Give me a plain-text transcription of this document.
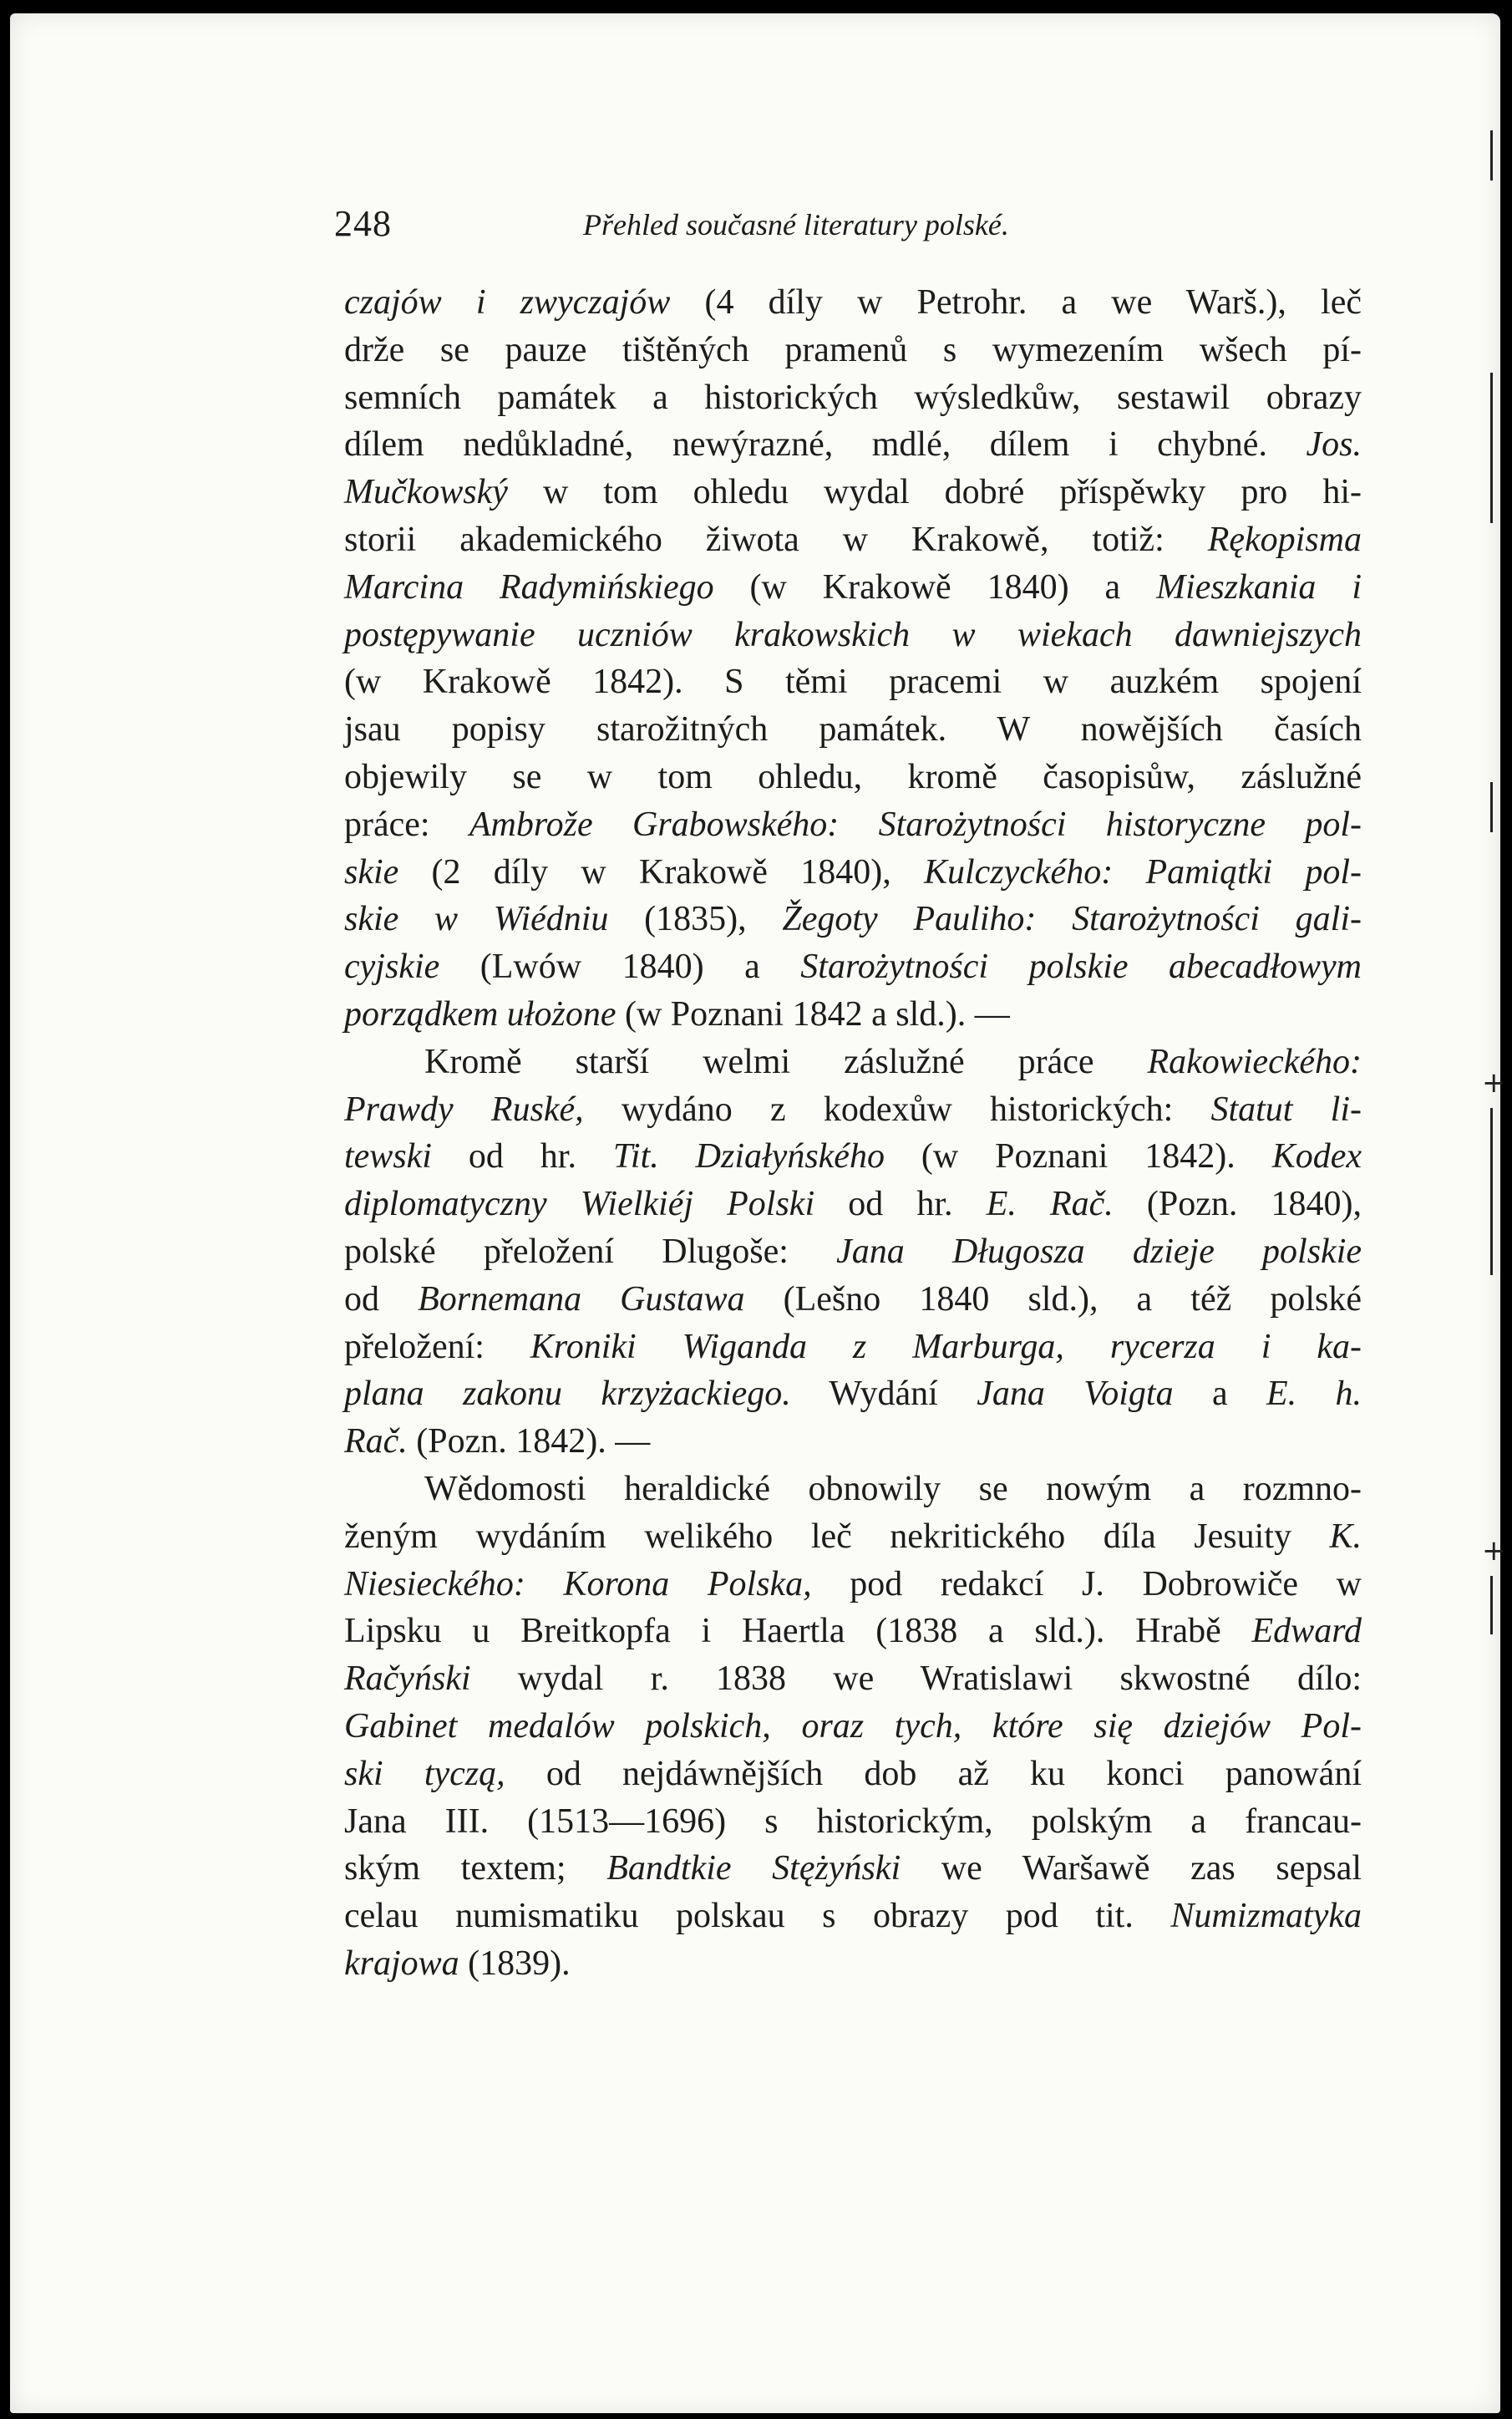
248	Přehled současné literatury polské.
czajów i zwyczajów (4 díly w Petrohr. a we Warš.), leč
drže se pauze tištěných pramenů s wymezením wšech pí-
semních památek a historických wýsledkůw, sestawil obrazy
dílem nedůkladné, newýrazné, mdlé, dílem i chybné. Jos.
Mučkowský w tom ohledu wydal dobré příspěwky pro hi-
storii akademického žiwota w Krakowě, totiž: Rękopisma
Marcina Radymińskiego (w Krakowě 1840) a Mieszkania i
postępywanie uczniów krakowskich w wiekach dawniejszych
(w Krakowě 1842). S těmi pracemi w auzkém spojení
jsau popisy starožitných památek. W nowějších časích
objewily se w tom ohledu, kromě časopisůw, záslužné
práce: Ambrože Grabowského: Starożytności historyczne pol-
skie (2 díly w Krakowě 1840), Kulczyckého: Pamiątki pol-
skie w Wiédniu (1835), Žegoty Pauliho: Starożytności gali-
cyjskie (Lwów 1840) a Starożytności polskie abecadłowym
porządkem ułożone (w Poznani 1842 a sld.). —
Kromě starší welmi záslužné práce Rakowieckého:
Prawdy Ruské, wydáno z kodexůw historických: Statut li-
tewski od hr. Tit. Działyńského (w Poznani 1842). Kodex
diplomatyczny Wielkiéj Polski od hr. E. Rač. (Pozn. 1840),
polské přeložení Dlugoše: Jana Długosza dzieje polskie
od Bornemana Gustawa (Lešno 1840 sld.), a též polské
přeložení: Kroniki Wiganda z Marburga, rycerza i ka-
plana zakonu krzyżackiego. Wydání Jana Voigta a E. h.
Rač. (Pozn. 1842). —
Wědomosti heraldické obnowily se nowým a rozmno-
ženým wydáním welikého leč nekritického díla Jesuity K.
Niesieckého: Korona Polska, pod redakcí J. Dobrowiče w
Lipsku u Breitkopfa i Haertla (1838 a sld.). Hrabě Edward
Račyński wydal r. 1838 we Wratislawi skwostné dílo:
Gabinet medalów polskich, oraz tych, które się dziejów Pol-
ski tyczą, od nejdáwnějších dob až ku konci panowání
Jana III. (1513—1696) s historickým, polským a francau-
ským textem; Bandtkie Stężyński we Waršawě zas sepsal
celau numismatiku polskau s obrazy pod tit. Numizmatyka
krajowa (1839).
+
+
